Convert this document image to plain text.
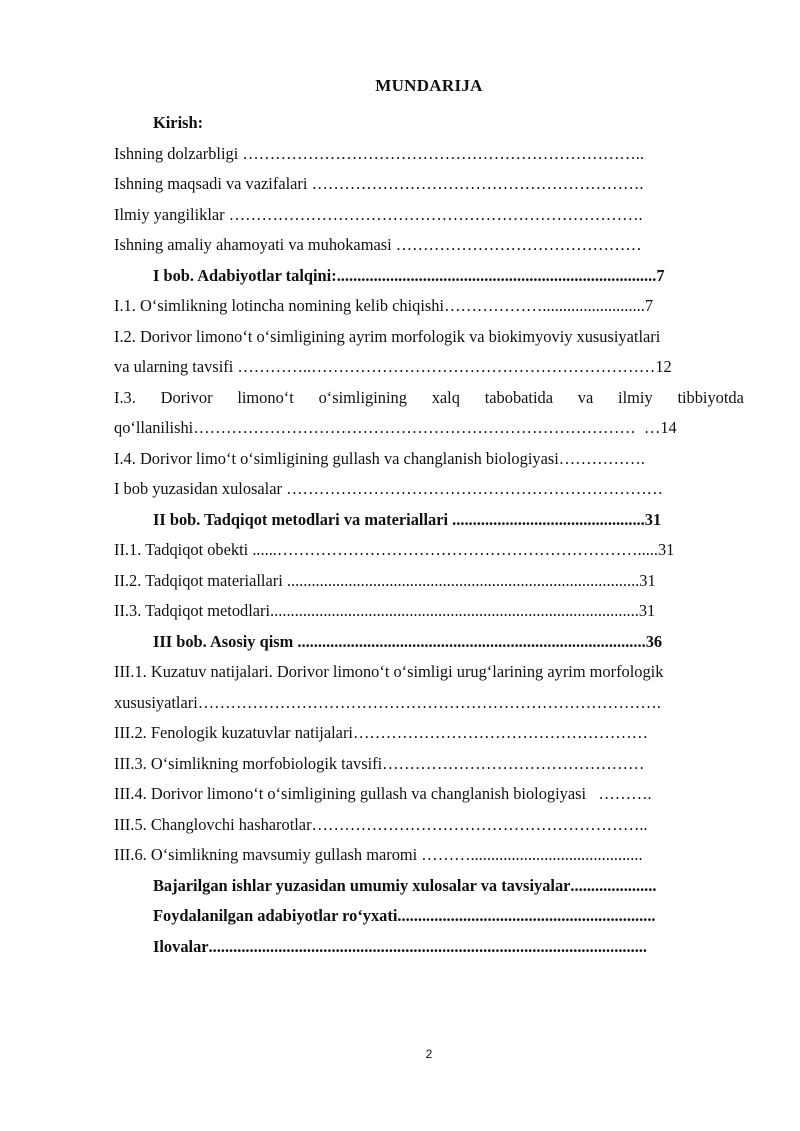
MUNDARIJA
Kirish:
Ishning dolzarbligi ………………………………………………………………..
Ishning maqsadi va vazifalari …………………………………………………….
Ilmiy yangiliklar ………………………………………………………………….
Ishning amaliy ahamoyati va muhokamasi ………………………………………
I bob. Adabiyotlar talqini:..............................................................................7
I.1. O‘simlikning lotincha nomining kelib chiqishi……………….........................7
I.2. Dorivor limono‘t o‘simligining ayrim morfologik va biokimyoviy xususiyatlari
va ularning tavsifi …………..………………………………………………………12
I.3. Dorivor limono‘t o‘simligining xalq tabobatida va ilmiy tibbiyotda
qo‘llanilishi………………………………………………………………………  …14
I.4. Dorivor limo‘t o‘simligining gullash va changlanish biologiyasi…………….
I bob yuzasidan xulosalar ……………………………………………………………
II bob. Tadqiqot metodlari va materiallari ...............................................31
II.1. Tadqiqot obekti ......………………………………………………………….....31
II.2. Tadqiqot materiallari ......................................................................................31
II.3. Tadqiqot metodlari..........................................................................................31
III bob. Asosiy qism .....................................................................................36
III.1. Kuzatuv natijalari. Dorivor limono‘t o‘simligi urug‘larining ayrim morfologik
xususiyatlari………………………………………………………………………….
III.2. Fenologik kuzatuvlar natijalari………………………………………………
III.3. O‘simlikning morfobiologik tavsifi…………………………………………
III.4. Dorivor limono‘t o‘simligining gullash va changlanish biologiyasi   ……….
III.5. Changlovchi hasharotlar……………………………………………………..
III.6. O‘simlikning mavsumiy gullash maromi ………..........................................
Bajarilgan ishlar yuzasidan umumiy xulosalar va tavsiyalar.....................
Foydalanilgan adabiyotlar ro‘yxati...............................................................
Ilovalar...........................................................................................................
2
